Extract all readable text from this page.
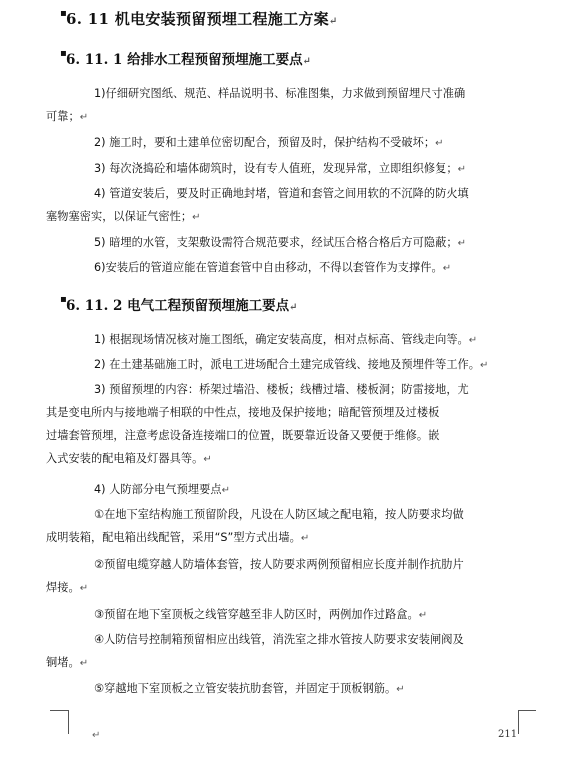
▪6. 11 机电安装预留预埋工程施工方案↵
▪6. 11. 1 给排水工程预留预埋施工要点↵
1)仔细研究图纸、规范、样品说明书、标准图集，力求做到预留埋尺寸准确
可靠；↵
2) 施工时，要和土建单位密切配合，预留及时，保护结构不受破坏；↵
3) 每次浇捣砼和墙体砌筑时，设有专人值班，发现异常，立即组织修复；↵
4) 管道安装后，要及时正确地封堵，管道和套管之间用软的不沉降的防火填
塞物塞密实，以保证气密性；↵
5) 暗埋的水管，支架敷设需符合规范要求，经试压合格合格后方可隐蔽；↵
6)安装后的管道应能在管道套管中自由移动，不得以套管作为支撑件。↵
▪6. 11. 2 电气工程预留预埋施工要点↵
1) 根据现场情况核对施工图纸，确定安装高度，相对点标高、管线走向等。↵
2) 在土建基础施工时，派电工进场配合土建完成管线、接地及预埋件等工作。↵
3) 预留预埋的内容：桥架过墙沿、楼板；线槽过墙、楼板洞；防雷接地，尤
其是变电所内与接地端子相联的中性点，接地及保护接地；暗配管预埋及过楼板
过墙套管预埋，注意考虑设备连接端口的位置，既要靠近设备又要便于维修。嵌
入式安装的配电箱及灯器具等。↵
4) 人防部分电气预埋要点↵
①在地下室结构施工预留阶段，凡设在人防区域之配电箱，按人防要求均做
成明装箱，配电箱出线配管，采用“S”型方式出墙。↵
②预留电缆穿越人防墙体套管，按人防要求两例预留相应长度并制作抗肋片
焊接。↵
③预留在地下室顶板之线管穿越至非人防区时，两例加作过路盒。↵
④人防信号控制箱预留相应出线管，消洗室之排水管按人防要求安装闸阀及
铜堵。↵
⑤穿越地下室顶板之立管安装抗肋套管，并固定于顶板钢筋。↵
↵	211
